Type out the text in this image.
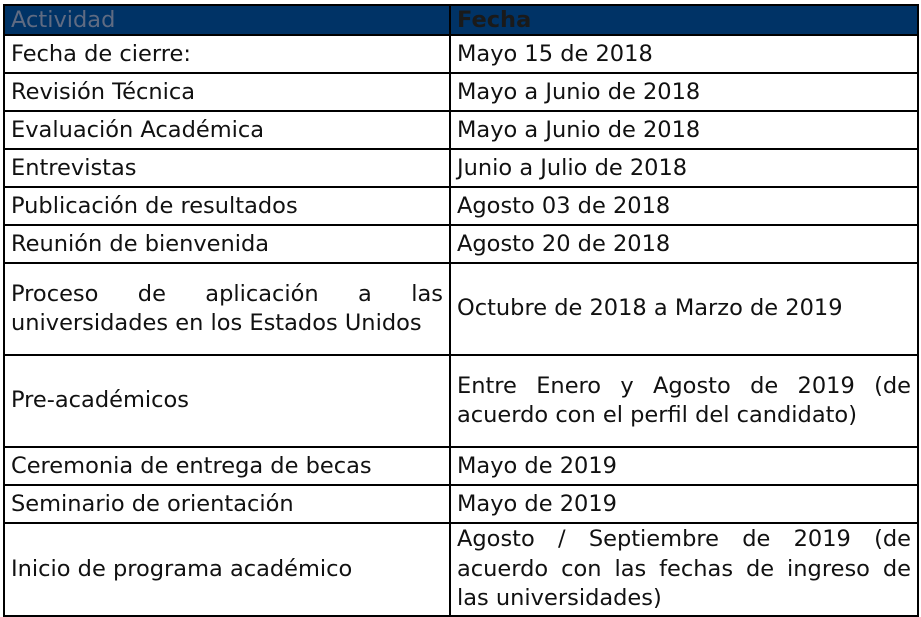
Actividad	Fecha
Fecha de cierre:	Mayo 15 de 2018
Revisión Técnica	Mayo a Junio de 2018
Evaluación Académica	Mayo a Junio de 2018
Entrevistas	Junio a Julio de 2018
Publicación de resultados	Agosto 03 de 2018
Reunión de bienvenida	Agosto 20 de 2018
Proceso de aplicación a las universidades en los Estados Unidos	Octubre de 2018 a Marzo de 2019
Pre-académicos	Entre Enero y Agosto de 2019 (de acuerdo con el perfil del candidato)
Ceremonia de entrega de becas	Mayo de 2019
Seminario de orientación	Mayo de 2019
Inicio de programa académico	Agosto / Septiembre de 2019 (de acuerdo con las fechas de ingreso de las universidades)
